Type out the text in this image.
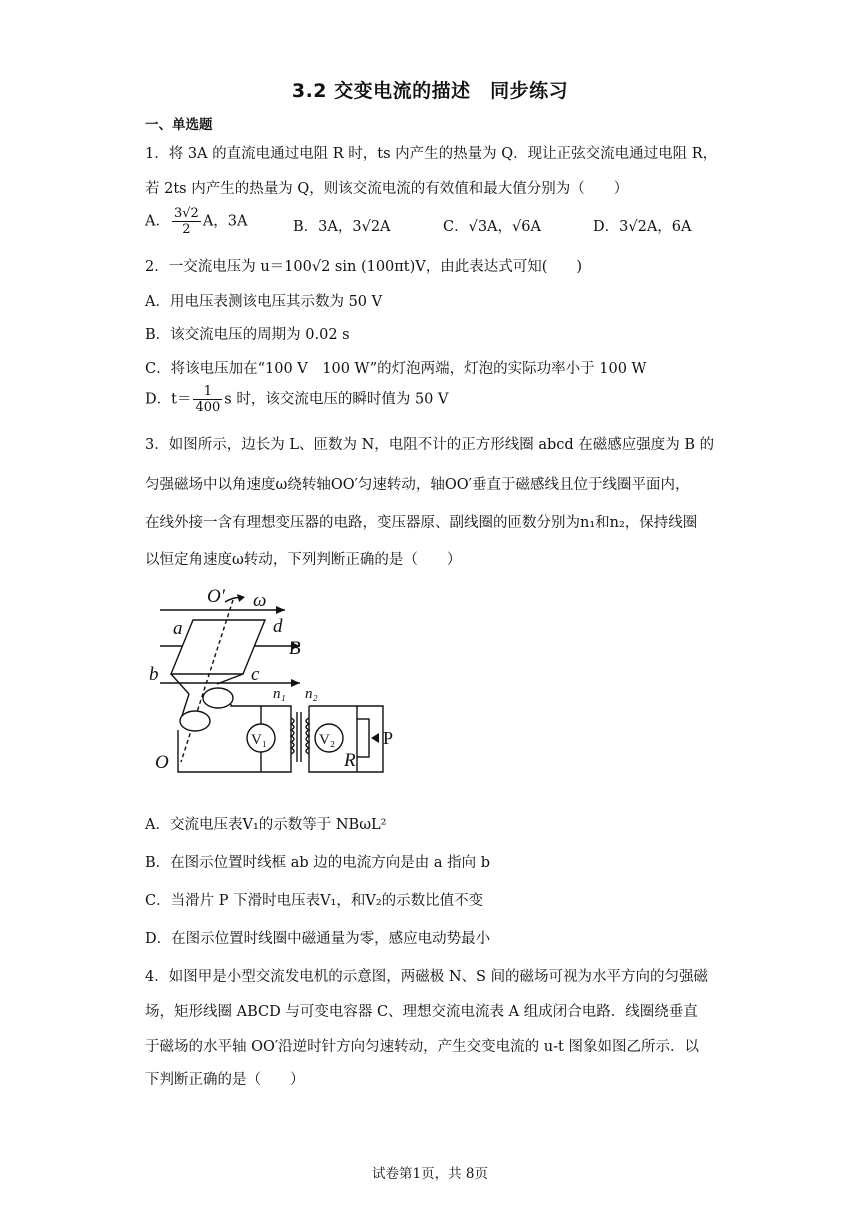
3.2 交变电流的描述　同步练习
一、单选题
1．将 3A 的直流电通过电阻 R 时，ts 内产生的热量为 Q．现让正弦交流电通过电阻 R，
若 2ts 内产生的热量为 Q，则该交流电流的有效值和最大值分别为（　　）
A． $\frac{3√2}{2}$ A，3A	B．3A，3√2A	C．√3A，√6A	D．3√2A，6A
2．一交流电压为 u＝100√2 sin (100πt)V，由此表达式可知(　　)
A．用电压表测该电压其示数为 50 V
B．该交流电压的周期为 0.02 s
C．将该电压加在“100 V　100 W”的灯泡两端，灯泡的实际功率小于 100 W
D．$t= \frac{1}{400}$ s 时，该交流电压的瞬时值为 50 V
3．如图所示，边长为 L、匝数为 N，电阻不计的正方形线圈 abcd 在磁感应强度为 B 的
匀强磁场中以角速度ω绕转轴OO′匀速转动，轴OO′垂直于磁感线且位于线圈平面内，
在线外接一含有理想变压器的电路，变压器原、副线圈的匝数分别为n₁和n₂，保持线圈
以恒定角速度ω转动，下列判断正确的是（　　）
O′ ω
a	d
B
b	c
n₁ n₂
R
O
V₁	V₂	P
A．交流电压表V₁的示数等于 NBωL²
B．在图示位置时线框 ab 边的电流方向是由 a 指向 b
C．当滑片 P 下滑时电压表V₁，和V₂的示数比值不变
D．在图示位置时线圈中磁通量为零，感应电动势最小
4．如图甲是小型交流发电机的示意图，两磁极 N、S 间的磁场可视为水平方向的匀强磁
场，矩形线圈 ABCD 与可变电容器 C、理想交流电流表 A 组成闭合电路．线圈绕垂直
于磁场的水平轴 OO′沿逆时针方向匀速转动，产生交变电流的 u-t 图象如图乙所示．以
下判断正确的是（　　）
试卷第1页，共 8页
